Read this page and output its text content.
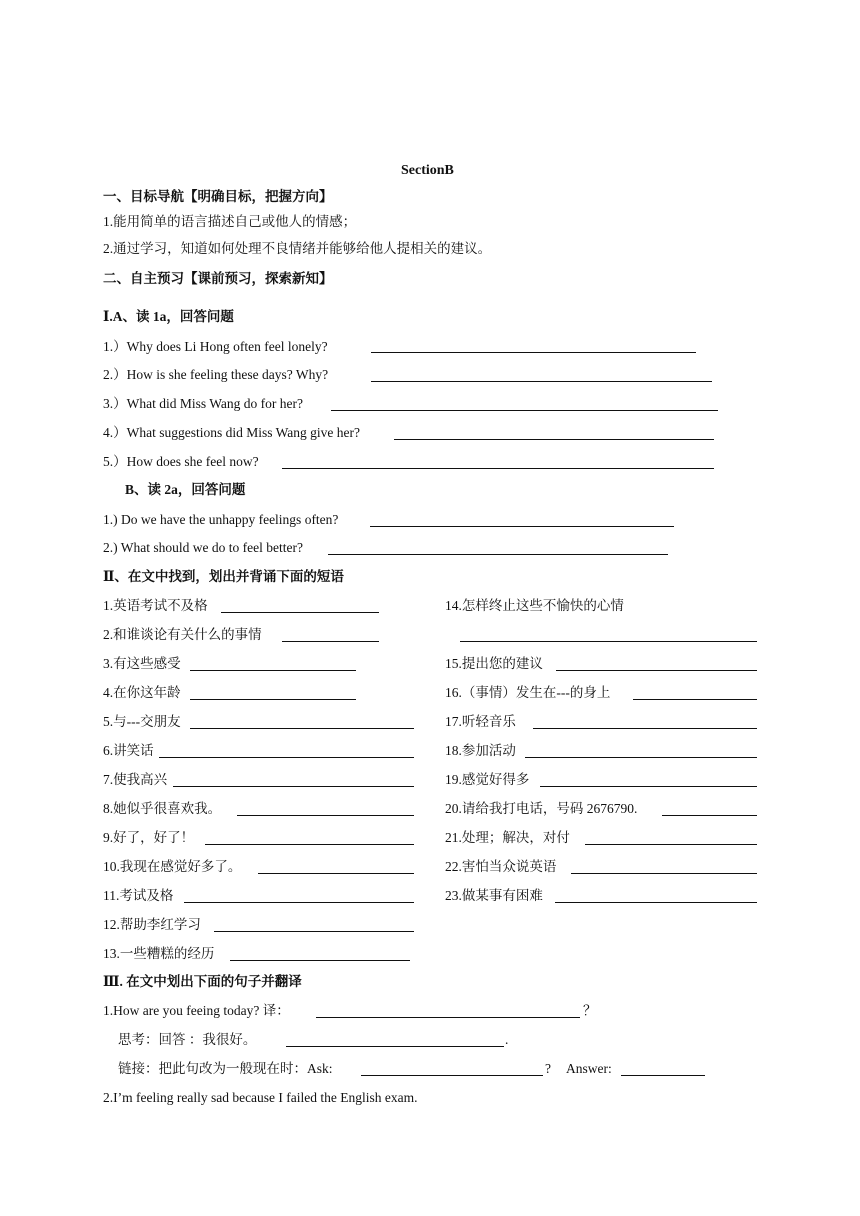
SectionB
一、目标导航【明确目标，把握方向】
1.能用简单的语言描述自己或他人的情感；
2.通过学习，知道如何处理不良情绪并能够给他人提相关的建议。
二、自主预习【课前预习，探索新知】
Ⅰ.A、读 1a，回答问题
1.）Why does Li Hong often feel lonely?
2.）How is she feeling these days? Why?
3.）What did Miss Wang do for her?
4.）What suggestions did Miss Wang give her?
5.）How does she feel now?
B、读 2a，回答问题
1.) Do we have the unhappy feelings often?
2.) What should we do to feel better?
Ⅱ、在文中找到，划出并背诵下面的短语
1.英语考试不及格
2.和谁谈论有关什么的事情
3.有这些感受
4.在你这年龄
5.与---交朋友
6.讲笑话
7.使我高兴
8.她似乎很喜欢我。
9.好了，好了！
10.我现在感觉好多了。
11.考试及格
12.帮助李红学习
13.一些糟糕的经历
14.怎样终止这些不愉快的心情
15.提出您的建议
16.（事情）发生在---的身上
17.听轻音乐
18.参加活动
19.感觉好得多
20.请给我打电话，号码 2676790.
21.处理；解决，对付
22.害怕当众说英语
23.做某事有困难
Ⅲ. 在文中划出下面的句子并翻译
1.How are you feeing today? 译：	？
思考：回答 ：我很好。	.
链接：把此句改为一般现在时：Ask:	? Answer:
2.I’m feeling really sad because I failed the English exam.
